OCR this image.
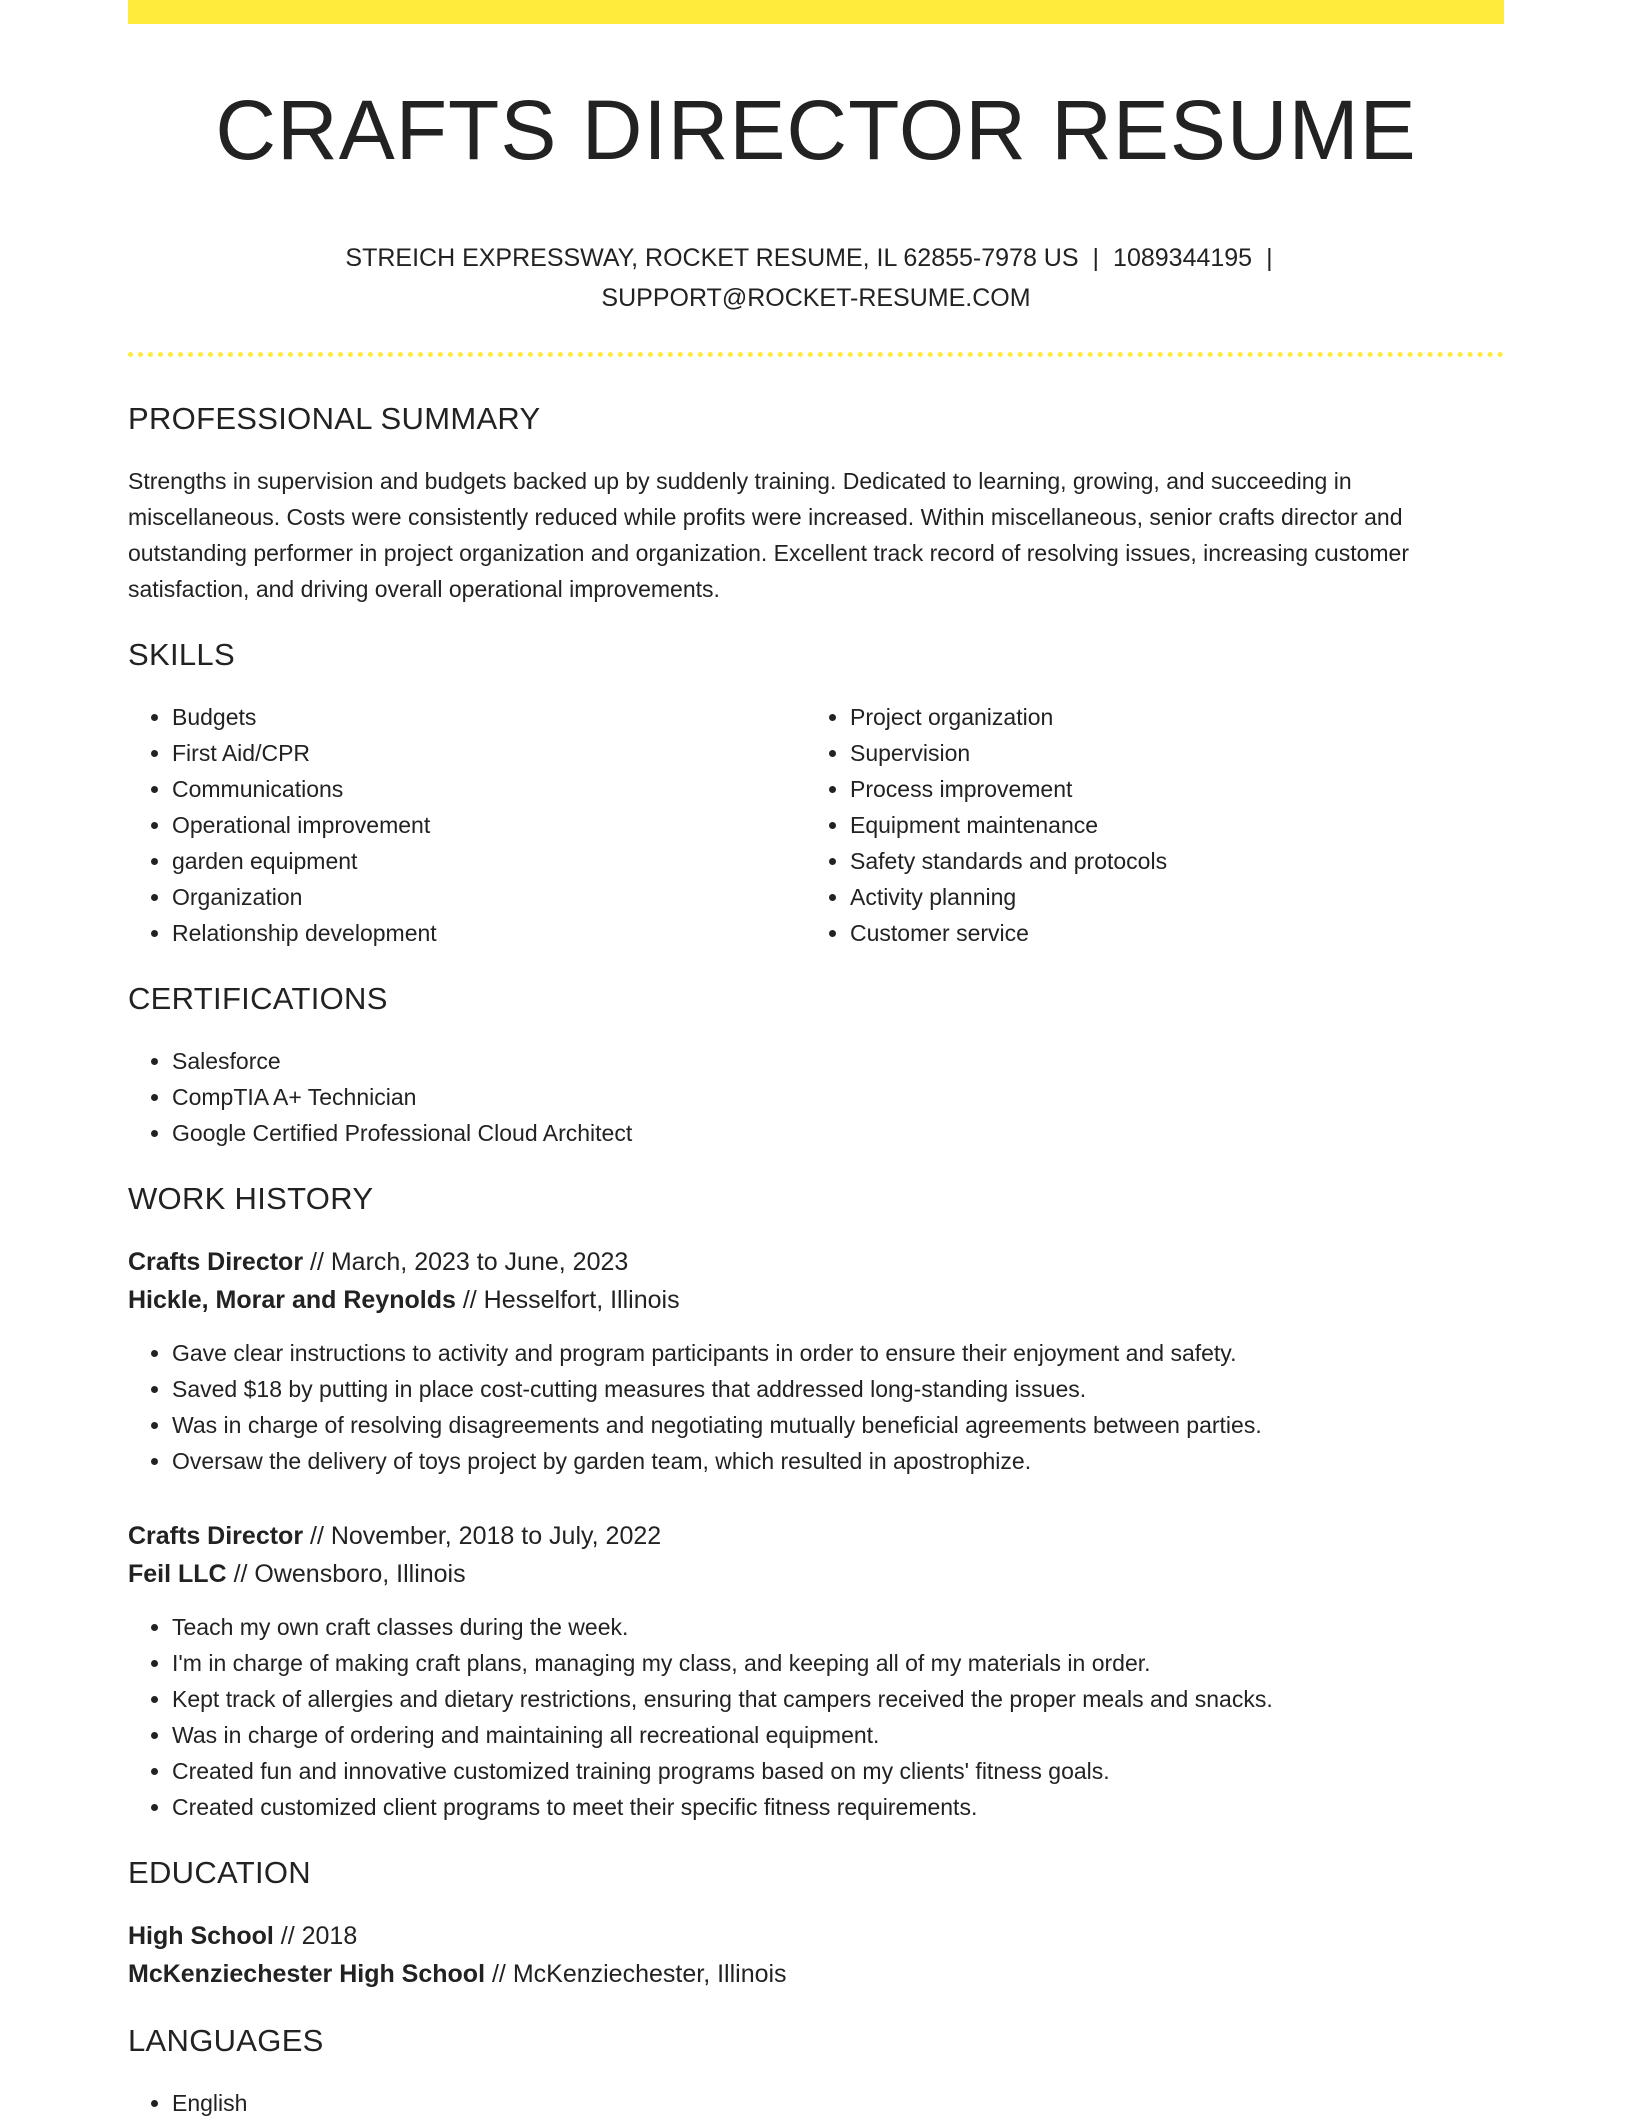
CRAFTS DIRECTOR RESUME
STREICH EXPRESSWAY, ROCKET RESUME, IL 62855-7978 US | 1089344195 |
SUPPORT@ROCKET-RESUME.COM
PROFESSIONAL SUMMARY

Strengths in supervision and budgets backed up by suddenly training. Dedicated to learning, growing, and succeeding in miscellaneous. Costs were consistently reduced while profits were increased. Within miscellaneous, senior crafts director and outstanding performer in project organization and organization. Excellent track record of resolving issues, increasing customer satisfaction, and driving overall operational improvements.

SKILLS
• Budgets
• First Aid/CPR
• Communications
• Operational improvement
• garden equipment
• Organization
• Relationship development
• Project organization
• Supervision
• Process improvement
• Equipment maintenance
• Safety standards and protocols
• Activity planning
• Customer service
CERTIFICATIONS
• Salesforce
• CompTIA A+ Technician
• Google Certified Professional Cloud Architect
WORK HISTORY
Crafts Director // March, 2023 to June, 2023
Hickle, Morar and Reynolds // Hesselfort, Illinois
• Gave clear instructions to activity and program participants in order to ensure their enjoyment and safety.
• Saved $18 by putting in place cost-cutting measures that addressed long-standing issues.
• Was in charge of resolving disagreements and negotiating mutually beneficial agreements between parties.
• Oversaw the delivery of toys project by garden team, which resulted in apostrophize.
Crafts Director // November, 2018 to July, 2022
Feil LLC // Owensboro, Illinois
• Teach my own craft classes during the week.
• I'm in charge of making craft plans, managing my class, and keeping all of my materials in order.
• Kept track of allergies and dietary restrictions, ensuring that campers received the proper meals and snacks.
• Was in charge of ordering and maintaining all recreational equipment.
• Created fun and innovative customized training programs based on my clients' fitness goals.
• Created customized client programs to meet their specific fitness requirements.
EDUCATION
High School // 2018
McKenziechester High School // McKenziechester, Illinois
LANGUAGES
• English
